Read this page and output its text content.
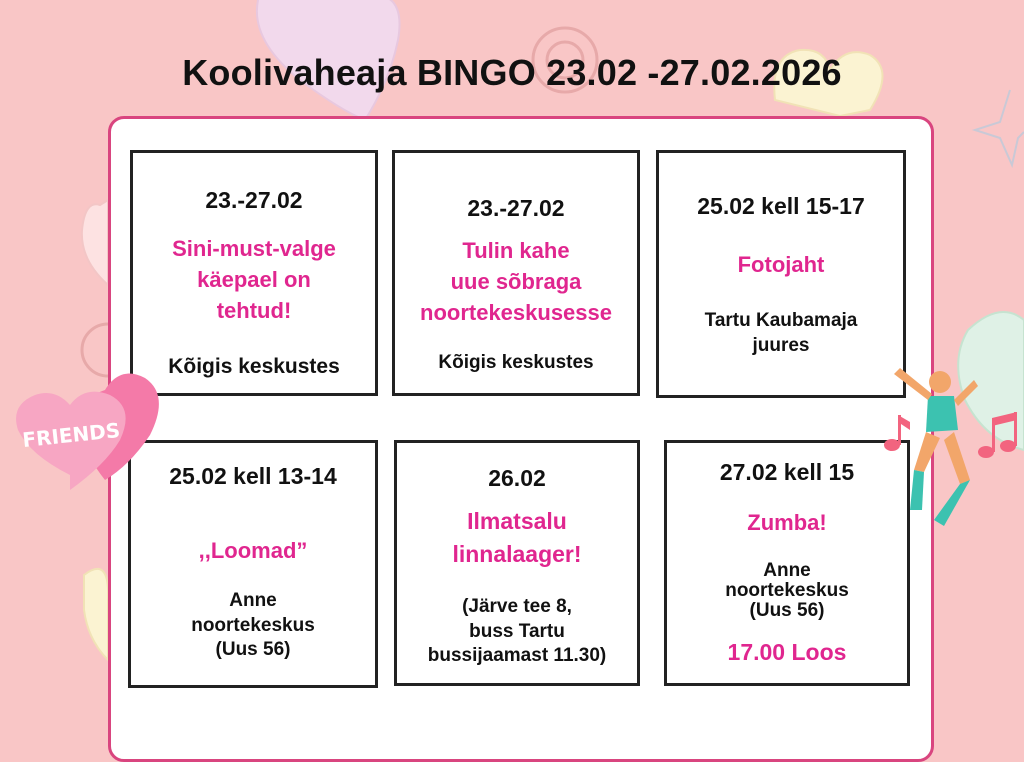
Koolivaheaja BINGO 23.02 -27.02.2026
23.-27.02
Sini-must-valge
käepael on
tehtud!
Kõigis keskustes
23.-27.02
Tulin kahe
uue sõbraga
noortekeskusesse
Kõigis keskustes
25.02 kell 15-17
Fotojaht
Tartu Kaubamaja
juures
25.02 kell 13-14
,,Loomad”
Anne
noortekeskus
(Uus 56)
26.02
Ilmatsalu
linnalaager!
(Järve tee 8,
buss Tartu
bussijaamast 11.30)
27.02 kell 15
Zumba!
Anne
noortekeskus
(Uus 56)
17.00 Loos
FRIENDS
